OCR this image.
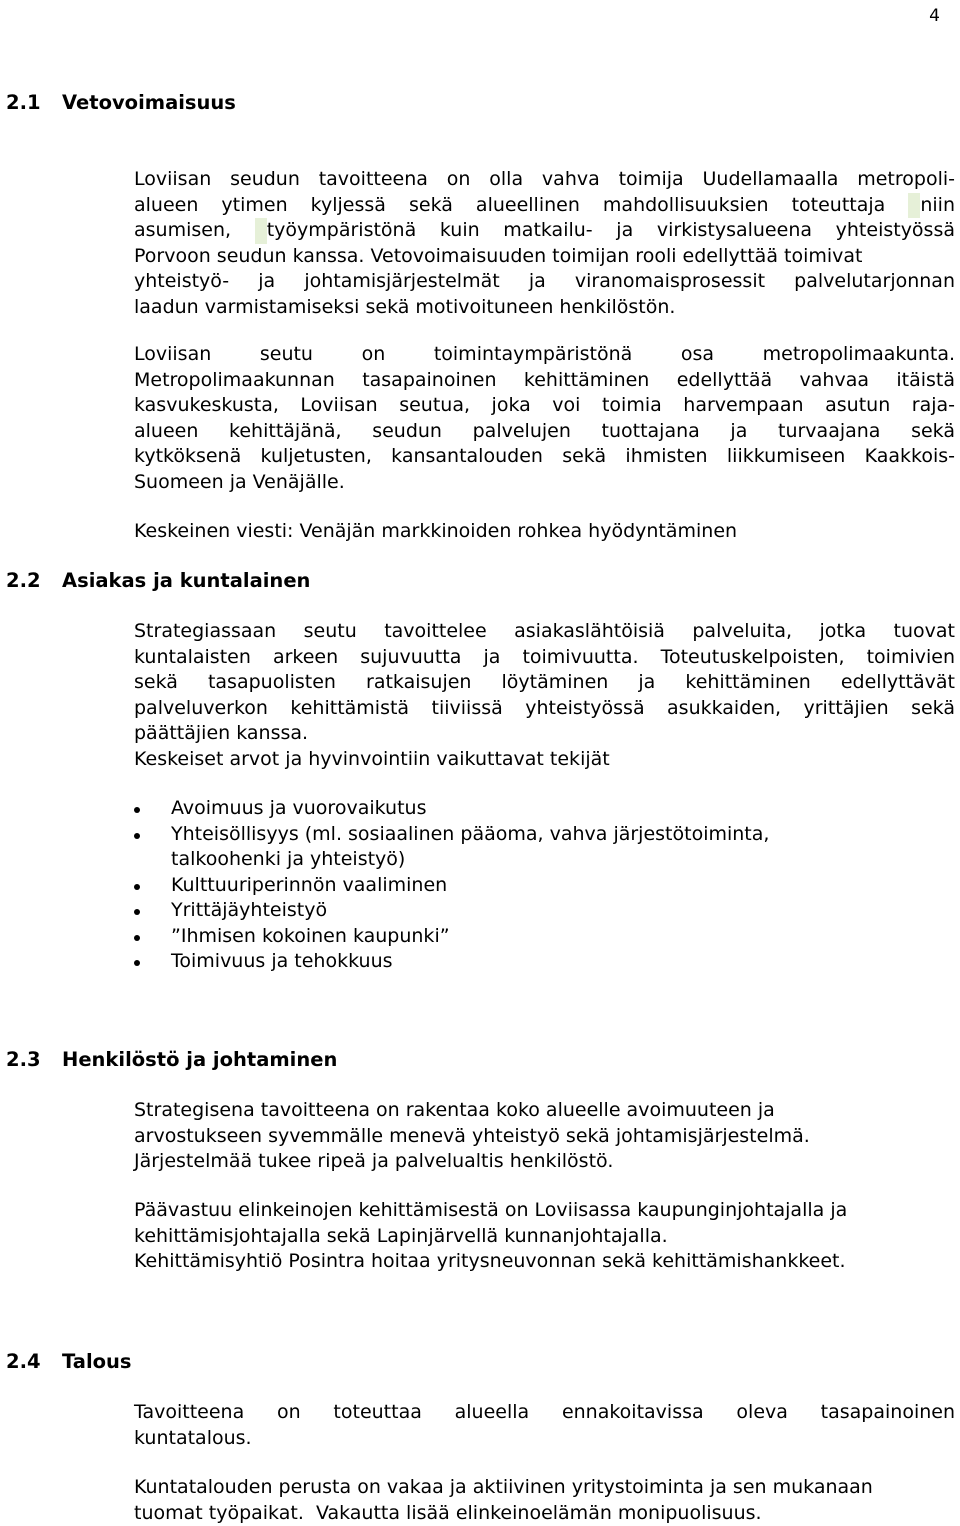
4
2.1 Vetovoimaisuus
Loviisan seudun tavoitteena on olla vahva toimija Uudellamaalla metropoli-
alueen ytimen kyljessä sekä alueellinen mahdollisuuksien toteuttaja niin
asumisen, työympäristönä kuin matkailu- ja virkistysalueena yhteistyössä
Porvoon seudun kanssa. Vetovoimaisuuden toimijan rooli edellyttää toimivat
yhteistyö- ja johtamisjärjestelmät ja viranomaisprosessit palvelutarjonnan
laadun varmistamiseksi sekä motivoituneen henkilöstön.
Loviisan seutu on toimintaympäristönä osa metropolimaakunta.
Metropolimaakunnan tasapainoinen kehittäminen edellyttää vahvaa itäistä
kasvukeskusta, Loviisan seutua, joka voi toimia harvempaan asutun raja-
alueen kehittäjänä, seudun palvelujen tuottajana ja turvaajana sekä
kytköksenä kuljetusten, kansantalouden sekä ihmisten liikkumiseen Kaakkois-
Suomeen ja Venäjälle.
Keskeinen viesti: Venäjän markkinoiden rohkea hyödyntäminen
2.2 Asiakas ja kuntalainen
Strategiassaan seutu tavoittelee asiakaslähtöisiä palveluita, jotka tuovat
kuntalaisten arkeen sujuvuutta ja toimivuutta. Toteutuskelpoisten, toimivien
sekä tasapuolisten ratkaisujen löytäminen ja kehittäminen edellyttävät
palveluverkon kehittämistä tiiviissä yhteistyössä asukkaiden, yrittäjien sekä
päättäjien kanssa.
Keskeiset arvot ja hyvinvointiin vaikuttavat tekijät
Avoimuus ja vuorovaikutus
Yhteisöllisyys (ml. sosiaalinen pääoma, vahva järjestötoiminta,
talkoohenki ja yhteistyö)
Kulttuuriperinnön vaaliminen
Yrittäjäyhteistyö
”Ihmisen kokoinen kaupunki”
Toimivuus ja tehokkuus
2.3 Henkilöstö ja johtaminen
Strategisena tavoitteena on rakentaa koko alueelle avoimuuteen ja
arvostukseen syvemmälle menevä yhteistyö sekä johtamisjärjestelmä.
Järjestelmää tukee ripeä ja palvelualtis henkilöstö.
Päävastuu elinkeinojen kehittämisestä on Loviisassa kaupunginjohtajalla ja
kehittämisjohtajalla sekä Lapinjärvellä kunnanjohtajalla.
Kehittämisyhtiö Posintra hoitaa yritysneuvonnan sekä kehittämishankkeet.
2.4 Talous
Tavoitteena on toteuttaa alueella ennakoitavissa oleva tasapainoinen
kuntatalous.
Kuntatalouden perusta on vakaa ja aktiivinen yritystoiminta ja sen mukanaan
tuomat työpaikat.  Vakautta lisää elinkeinoelämän monipuolisuus.
